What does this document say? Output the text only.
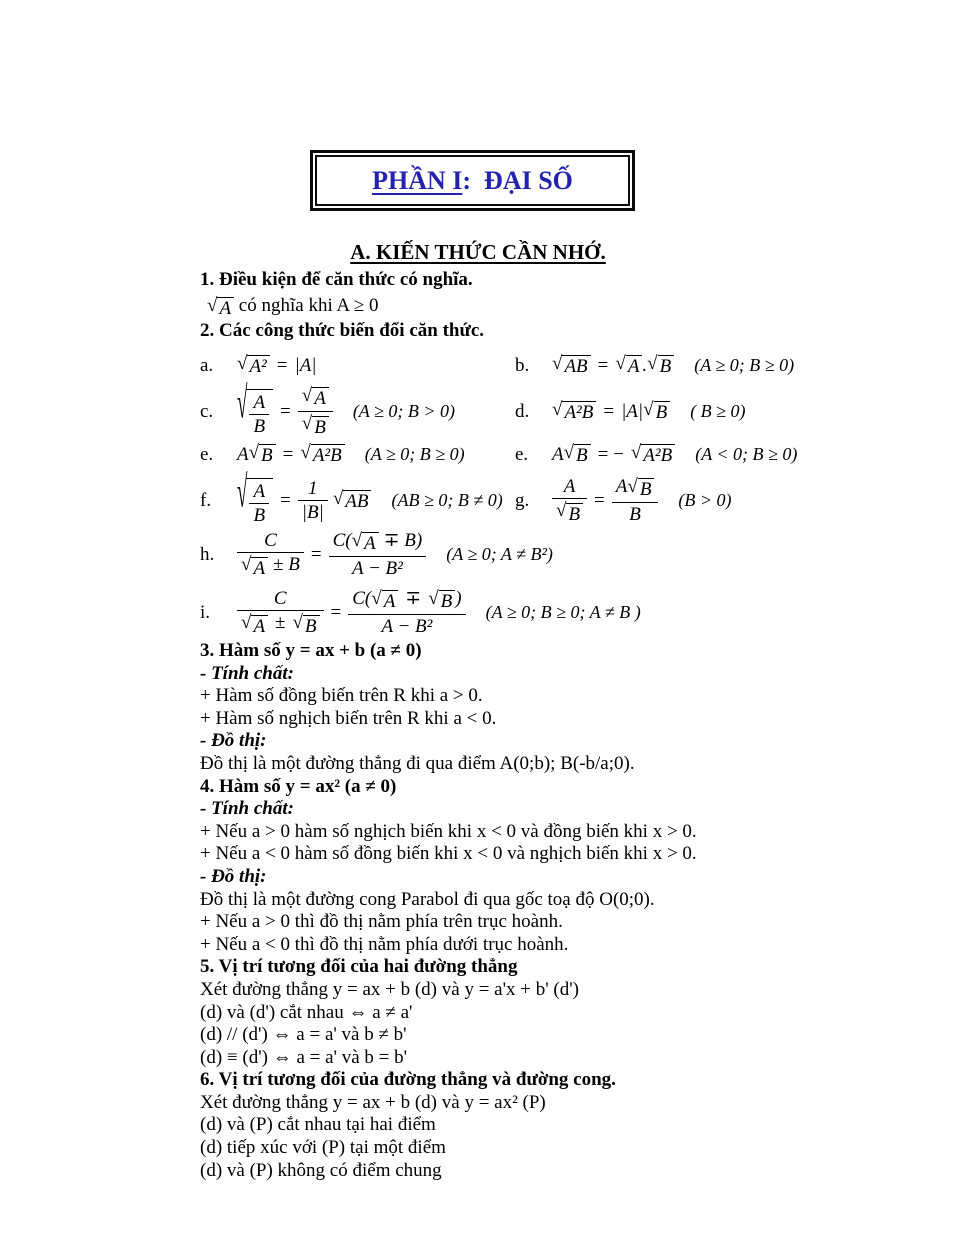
PHẦN I: ĐẠI SỐ
A. KIẾN THỨC CẦN NHỚ.

1. Điều kiện để căn thức có nghĩa.

√ A có nghĩa khi A ≥ 0

2. Các công thức biến đổi căn thức.

a.	√ A² = |A|	b.	√ AB = √ A . √ B (A ≥ 0; B ≥ 0)
c.	√ $\frac{A}{B} = \frac{√ A}{√ B} (A \ge 0$; B > 0)	d.	√ A²B = |A| √ B ( B ≥ 0)
e.	A √ B = √ A²B (A ≥ 0; B ≥ 0)	e.	A √ B = − √ A²B (A < 0; B ≥ 0)
f.	√ $\frac{A}{B} = \frac{1}{|B|}$ √ AB (AB ≥ 0; B ≠ 0) g.	$\frac{A}{√ B} = \frac{A √ B}{B} (B > 0)$
h.	$\frac{C}{√ A \pm B} = \frac{C( √ A \mp B)}{\text{A − B²}} (A \ge 0$; A ≠ B²)
i.	$\frac{C}{√ A \pm √ B} = \frac{C( √ A \mp √ B )}{\text{A − B²}} (A \ge 0$; B ≥ 0; A ≠ B )

3. Hàm số y = ax + b (a ≠ 0)

- Tính chất:

+ Hàm số đồng biến trên R khi a > 0.

+ Hàm số nghịch biến trên R khi a < 0.

- Đồ thị:

Đồ thị là một đường thẳng đi qua điểm A(0;b); B(-b/a;0).

4. Hàm số y = ax² (a ≠ 0)

- Tính chất:

+ Nếu a > 0 hàm số nghịch biến khi x < 0 và đồng biến khi x > 0.

+ Nếu a < 0 hàm số đồng biến khi x < 0 và nghịch biến khi x > 0.

- Đồ thị:

Đồ thị là một đường cong Parabol đi qua gốc toạ độ O(0;0).

+ Nếu a > 0 thì đồ thị nằm phía trên trục hoành.

+ Nếu a < 0 thì đồ thị nằm phía dưới trục hoành.

5. Vị trí tương đối của hai đường thẳng

Xét đường thẳng y = ax + b (d) và y = a'x + b' (d')

(d) và (d') cắt nhau ⇔ a ≠ a'

(d) // (d') ⇔ a = a' và b ≠ b'

(d) ≡ (d') ⇔ a = a' và b = b'

6. Vị trí tương đối của đường thẳng và đường cong.

Xét đường thẳng y = ax + b (d) và y = ax² (P)

(d) và (P) cắt nhau tại hai điểm

(d) tiếp xúc với (P) tại một điểm

(d) và (P) không có điểm chung
